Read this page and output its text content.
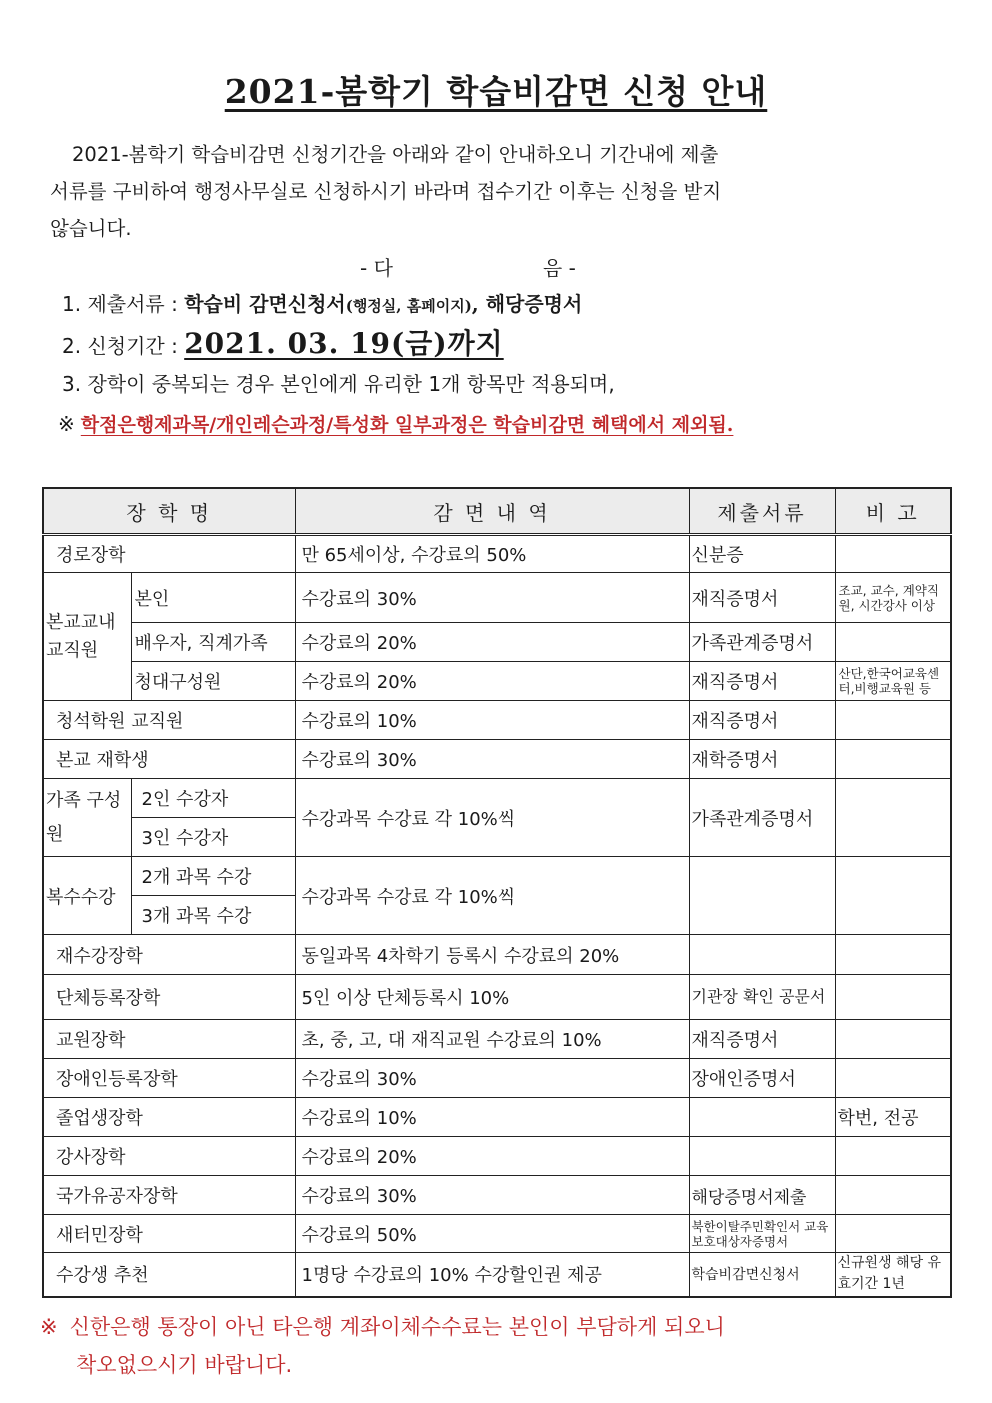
2021-봄학기 학습비감면 신청 안내
2021-봄학기 학습비감면 신청기간을 아래와 같이 안내하오니 기간내에 제출
서류를 구비하여 행정사무실로 신청하시기 바라며 접수기간 이후는 신청을 받지
않습니다.
- 다	음 -
1. 제출서류 : 학습비 감면신청서(행정실, 홈페이지), 해당증명서
2. 신청기간 : 2021. 03. 19(금)까지
3. 장학이 중복되는 경우 본인에게 유리한 1개 항목만 적용되며,
※ 학점은행제과목/개인레슨과정/특성화 일부과정은 학습비감면 혜택에서 제외됨.
장 학 명		감 면 내 역	제출서류	비 고
경로장학		만 65세이상, 수강료의 50%	신분증	
본교교내 교직원	본인	수강료의 30%	재직증명서	조교, 교수, 계약직원, 시간강사 이상
	배우자, 직계가족	수강료의 20%	가족관계증명서	
	청대구성원	수강료의 20%	재직증명서	산단,한국어교육센터,비행교육원 등
청석학원 교직원		수강료의 10%	재직증명서	
본교 재학생		수강료의 30%	재학증명서	
가족 구성원	2인 수강자	수강과목 수강료 각 10%씩	가족관계증명서	
	3인 수강자			
복수수강	2개 과목 수강	수강과목 수강료 각 10%씩		
	3개 과목 수강			
재수강장학		동일과목 4차학기 등록시 수강료의 20%		
단체등록장학		5인 이상 단체등록시 10%	기관장 확인 공문서	
교원장학		초, 중, 고, 대 재직교원 수강료의 10%	재직증명서	
장애인등록장학		수강료의 30%	장애인증명서	
졸업생장학		수강료의 10%		학번, 전공
강사장학		수강료의 20%		
국가유공자장학		수강료의 30%	해당증명서제출	
새터민장학		수강료의 50%	북한이탈주민확인서 교육보호대상자증명서	
수강생 추천		1명당 수강료의 10% 수강할인권 제공	학습비감면신청서	신규원생 해당 유효기간 1년
※ 신한은행 통장이 아닌 타은행 계좌이체수수료는 본인이 부담하게 되오니
착오없으시기 바랍니다.
